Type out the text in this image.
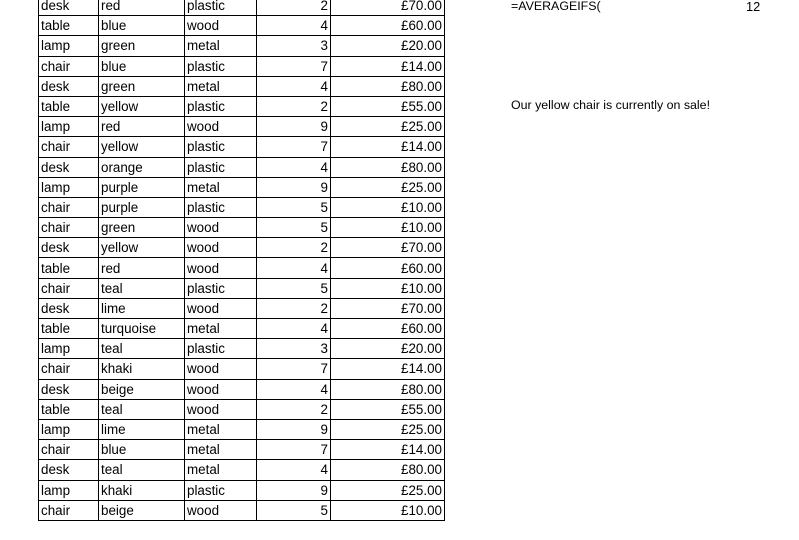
desk	red	plastic	2	£70.00
table	blue	wood	4	£60.00
lamp	green	metal	3	£20.00
chair	blue	plastic	7	£14.00
desk	green	metal	4	£80.00
table	yellow	plastic	2	£55.00
lamp	red	wood	9	£25.00
chair	yellow	plastic	7	£14.00
desk	orange	plastic	4	£80.00
lamp	purple	metal	9	£25.00
chair	purple	plastic	5	£10.00
chair	green	wood	5	£10.00
desk	yellow	wood	2	£70.00
table	red	wood	4	£60.00
chair	teal	plastic	5	£10.00
desk	lime	wood	2	£70.00
table	turquoise	metal	4	£60.00
lamp	teal	plastic	3	£20.00
chair	khaki	wood	7	£14.00
desk	beige	wood	4	£80.00
table	teal	wood	2	£55.00
lamp	lime	metal	9	£25.00
chair	blue	metal	7	£14.00
desk	teal	metal	4	£80.00
lamp	khaki	plastic	9	£25.00
chair	beige	wood	5	£10.00
=AVERAGEIFS(	12
Our yellow chair is currently on sale!
